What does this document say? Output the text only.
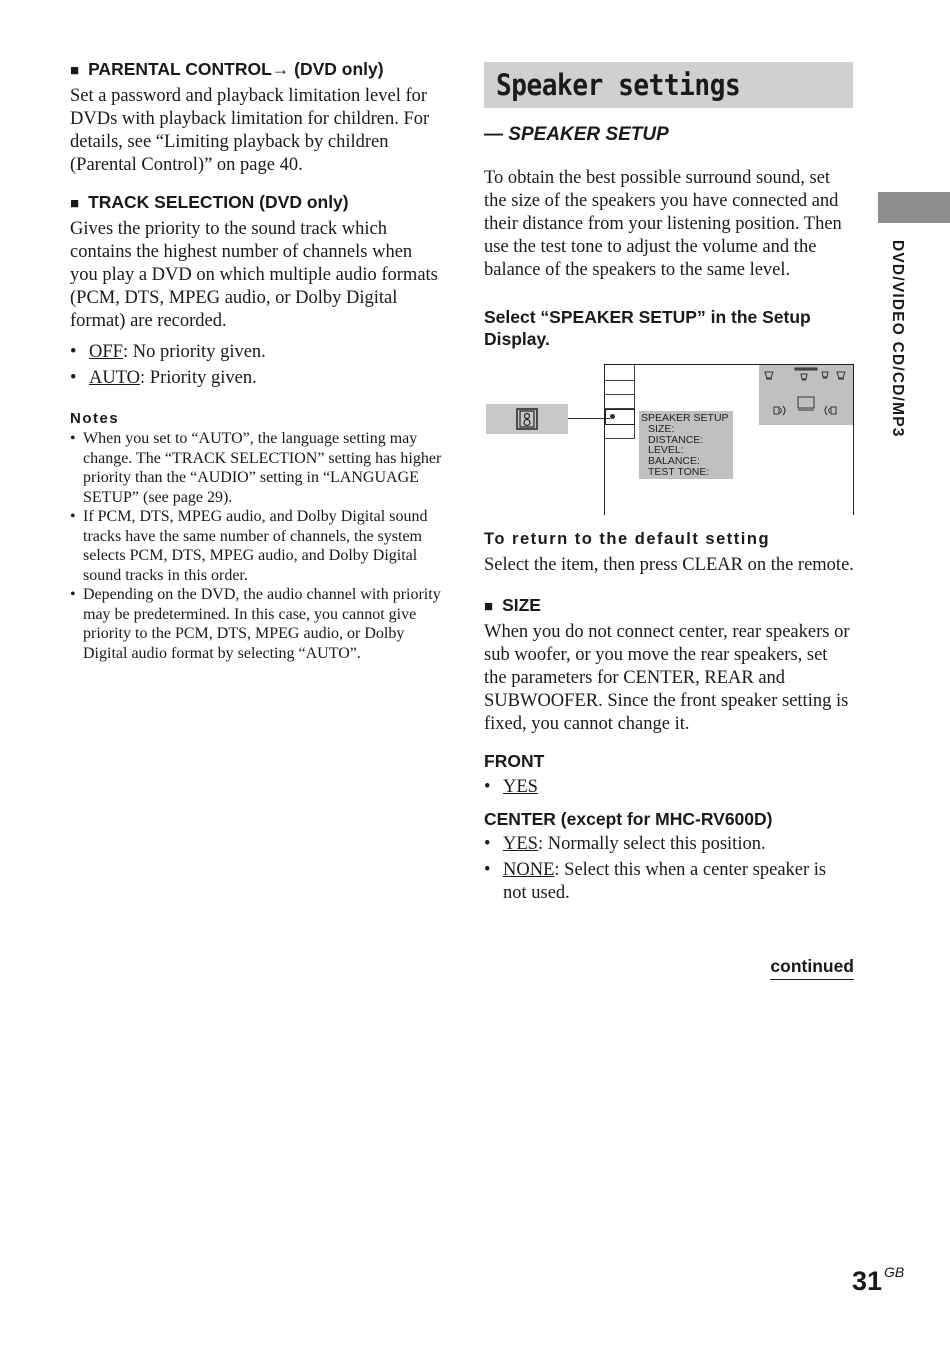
■ PARENTAL CONTROL→ (DVD only)

Set a password and playback limitation level for DVDs with playback limitation for children. For details, see “Limiting playback by children (Parental Control)” on page 40.

■ TRACK SELECTION (DVD only)

Gives the priority to the sound track which contains the highest number of channels when you play a DVD on which multiple audio formats (PCM, DTS, MPEG audio, or Dolby Digital format) are recorded.

• OFF: No priority given.
• AUTO: Priority given.
Notes
• When you set to “AUTO”, the language setting may change. The “TRACK SELECTION” setting has higher priority than the “AUDIO” setting in “LANGUAGE SETUP” (see page 29).
• If PCM, DTS, MPEG audio, and Dolby Digital sound tracks have the same number of channels, the system selects PCM, DTS, MPEG audio, and Dolby Digital sound tracks in this order.
• Depending on the DVD, the audio channel with priority may be predetermined. In this case, you cannot give priority to the PCM, DTS, MPEG audio, or Dolby Digital audio format by selecting “AUTO”.
Speaker settings
— SPEAKER SETUP

To obtain the best possible surround sound, set the size of the speakers you have connected and their distance from your listening position. Then use the test tone to adjust the volume and the balance of the speakers to the same level.

Select “SPEAKER SETUP” in the Setup Display.

SPEAKER SETUP
SIZE:
DISTANCE:
LEVEL:
BALANCE:
TEST TONE:
To return to the default setting

Select the item, then press CLEAR on the remote.

■ SIZE

When you do not connect center, rear speakers or sub woofer, or you move the rear speakers, set the parameters for CENTER, REAR and SUBWOOFER. Since the front speaker setting is fixed, you cannot change it.

FRONT
• YES
CENTER (except for MHC-RV600D)
• YES: Normally select this position.
• NONE: Select this when a center speaker is not used.
continued
DVD/VIDEO CD/CD/MP3
31 $^{GB}$
